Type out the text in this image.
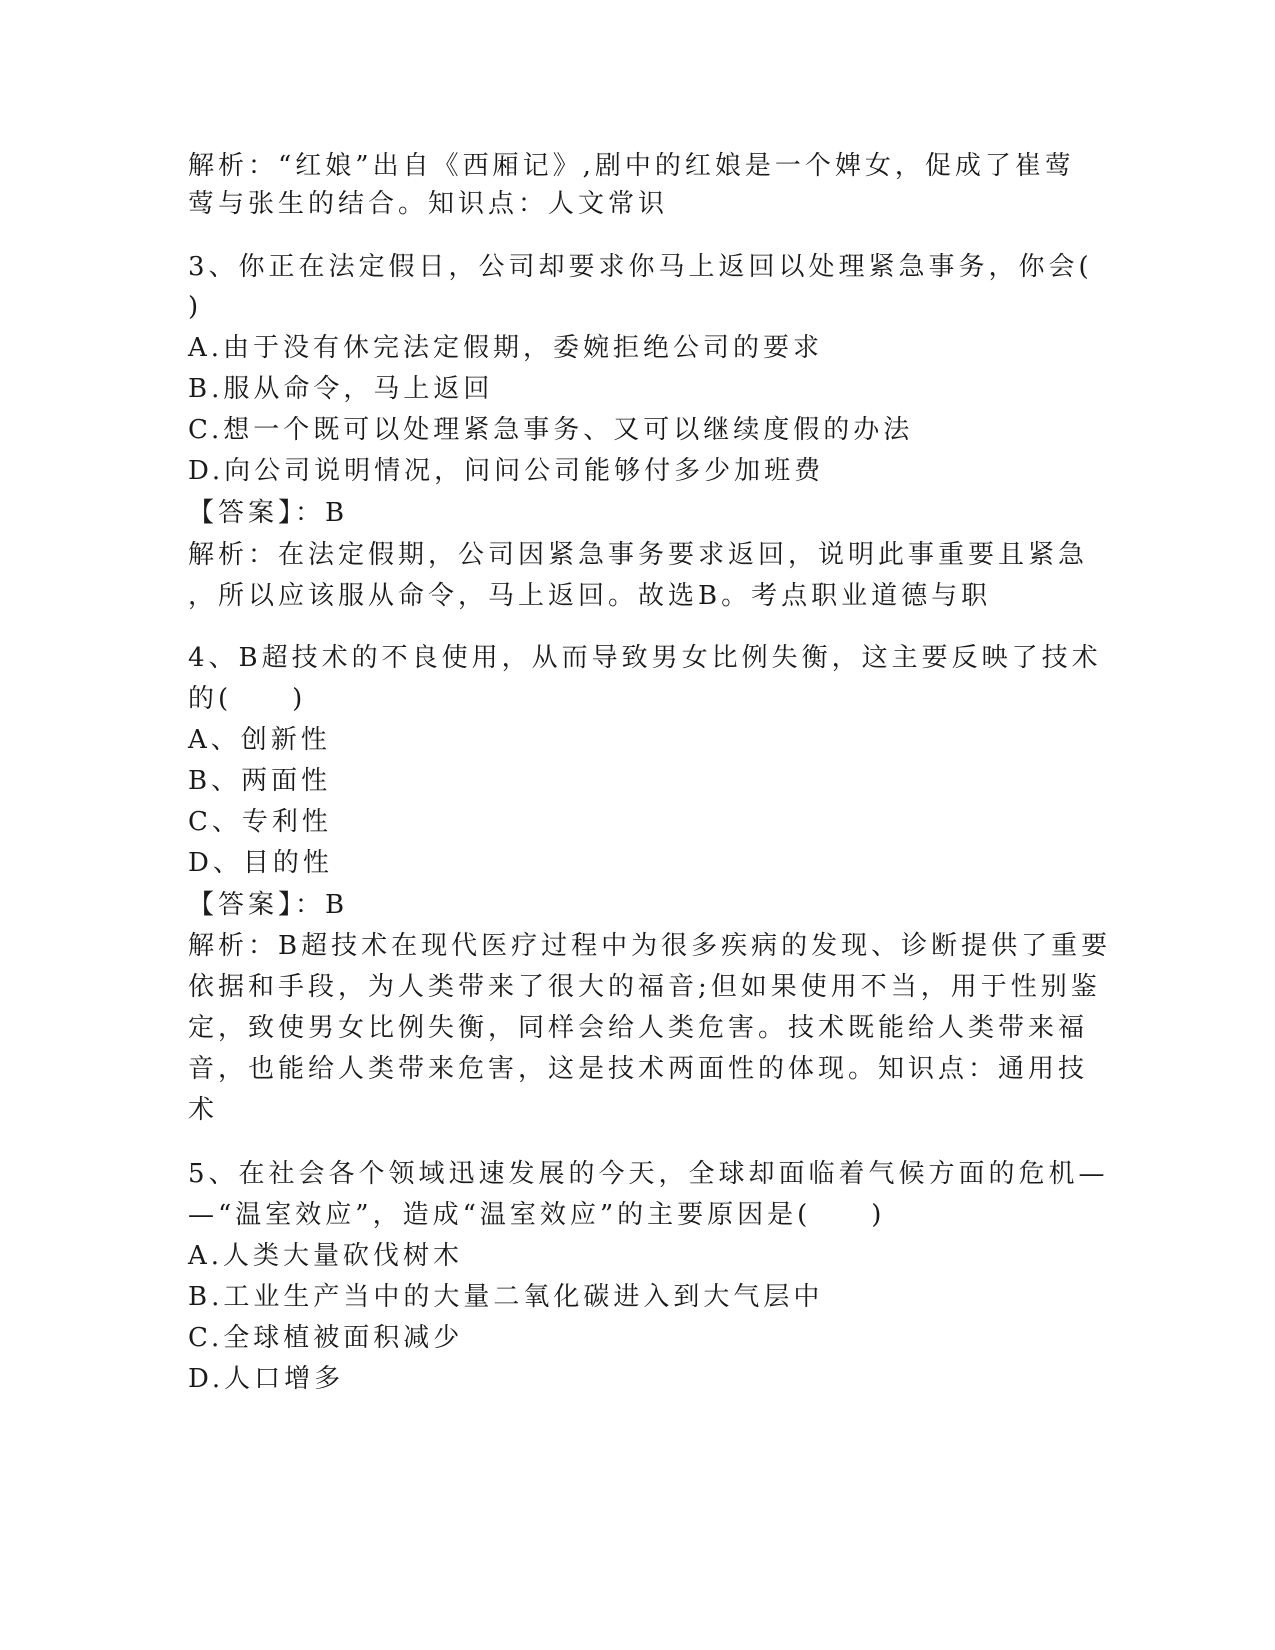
解析：“红娘”出自《西厢记》,剧中的红娘是一个婢女，促成了崔莺
莺与张生的结合。知识点：人文常识
3、你正在法定假日，公司却要求你马上返回以处理紧急事务，你会(
)
A.由于没有休完法定假期，委婉拒绝公司的要求
B.服从命令，马上返回
C.想一个既可以处理紧急事务、又可以继续度假的办法
D.向公司说明情况，问问公司能够付多少加班费
【答案】：B
解析：在法定假期，公司因紧急事务要求返回，说明此事重要且紧急
，所以应该服从命令，马上返回。故选B。考点职业道德与职
4、B超技术的不良使用，从而导致男女比例失衡，这主要反映了技术
的(　　)
A、创新性
B、两面性
C、专利性
D、目的性
【答案】：B
解析：B超技术在现代医疗过程中为很多疾病的发现、诊断提供了重要
依据和手段，为人类带来了很大的福音;但如果使用不当，用于性别鉴
定，致使男女比例失衡，同样会给人类危害。技术既能给人类带来福
音，也能给人类带来危害，这是技术两面性的体现。知识点：通用技
术
5、在社会各个领域迅速发展的今天，全球却面临着气候方面的危机—
—“温室效应”，造成“温室效应”的主要原因是(　　)
A.人类大量砍伐树木
B.工业生产当中的大量二氧化碳进入到大气层中
C.全球植被面积减少
D.人口增多
